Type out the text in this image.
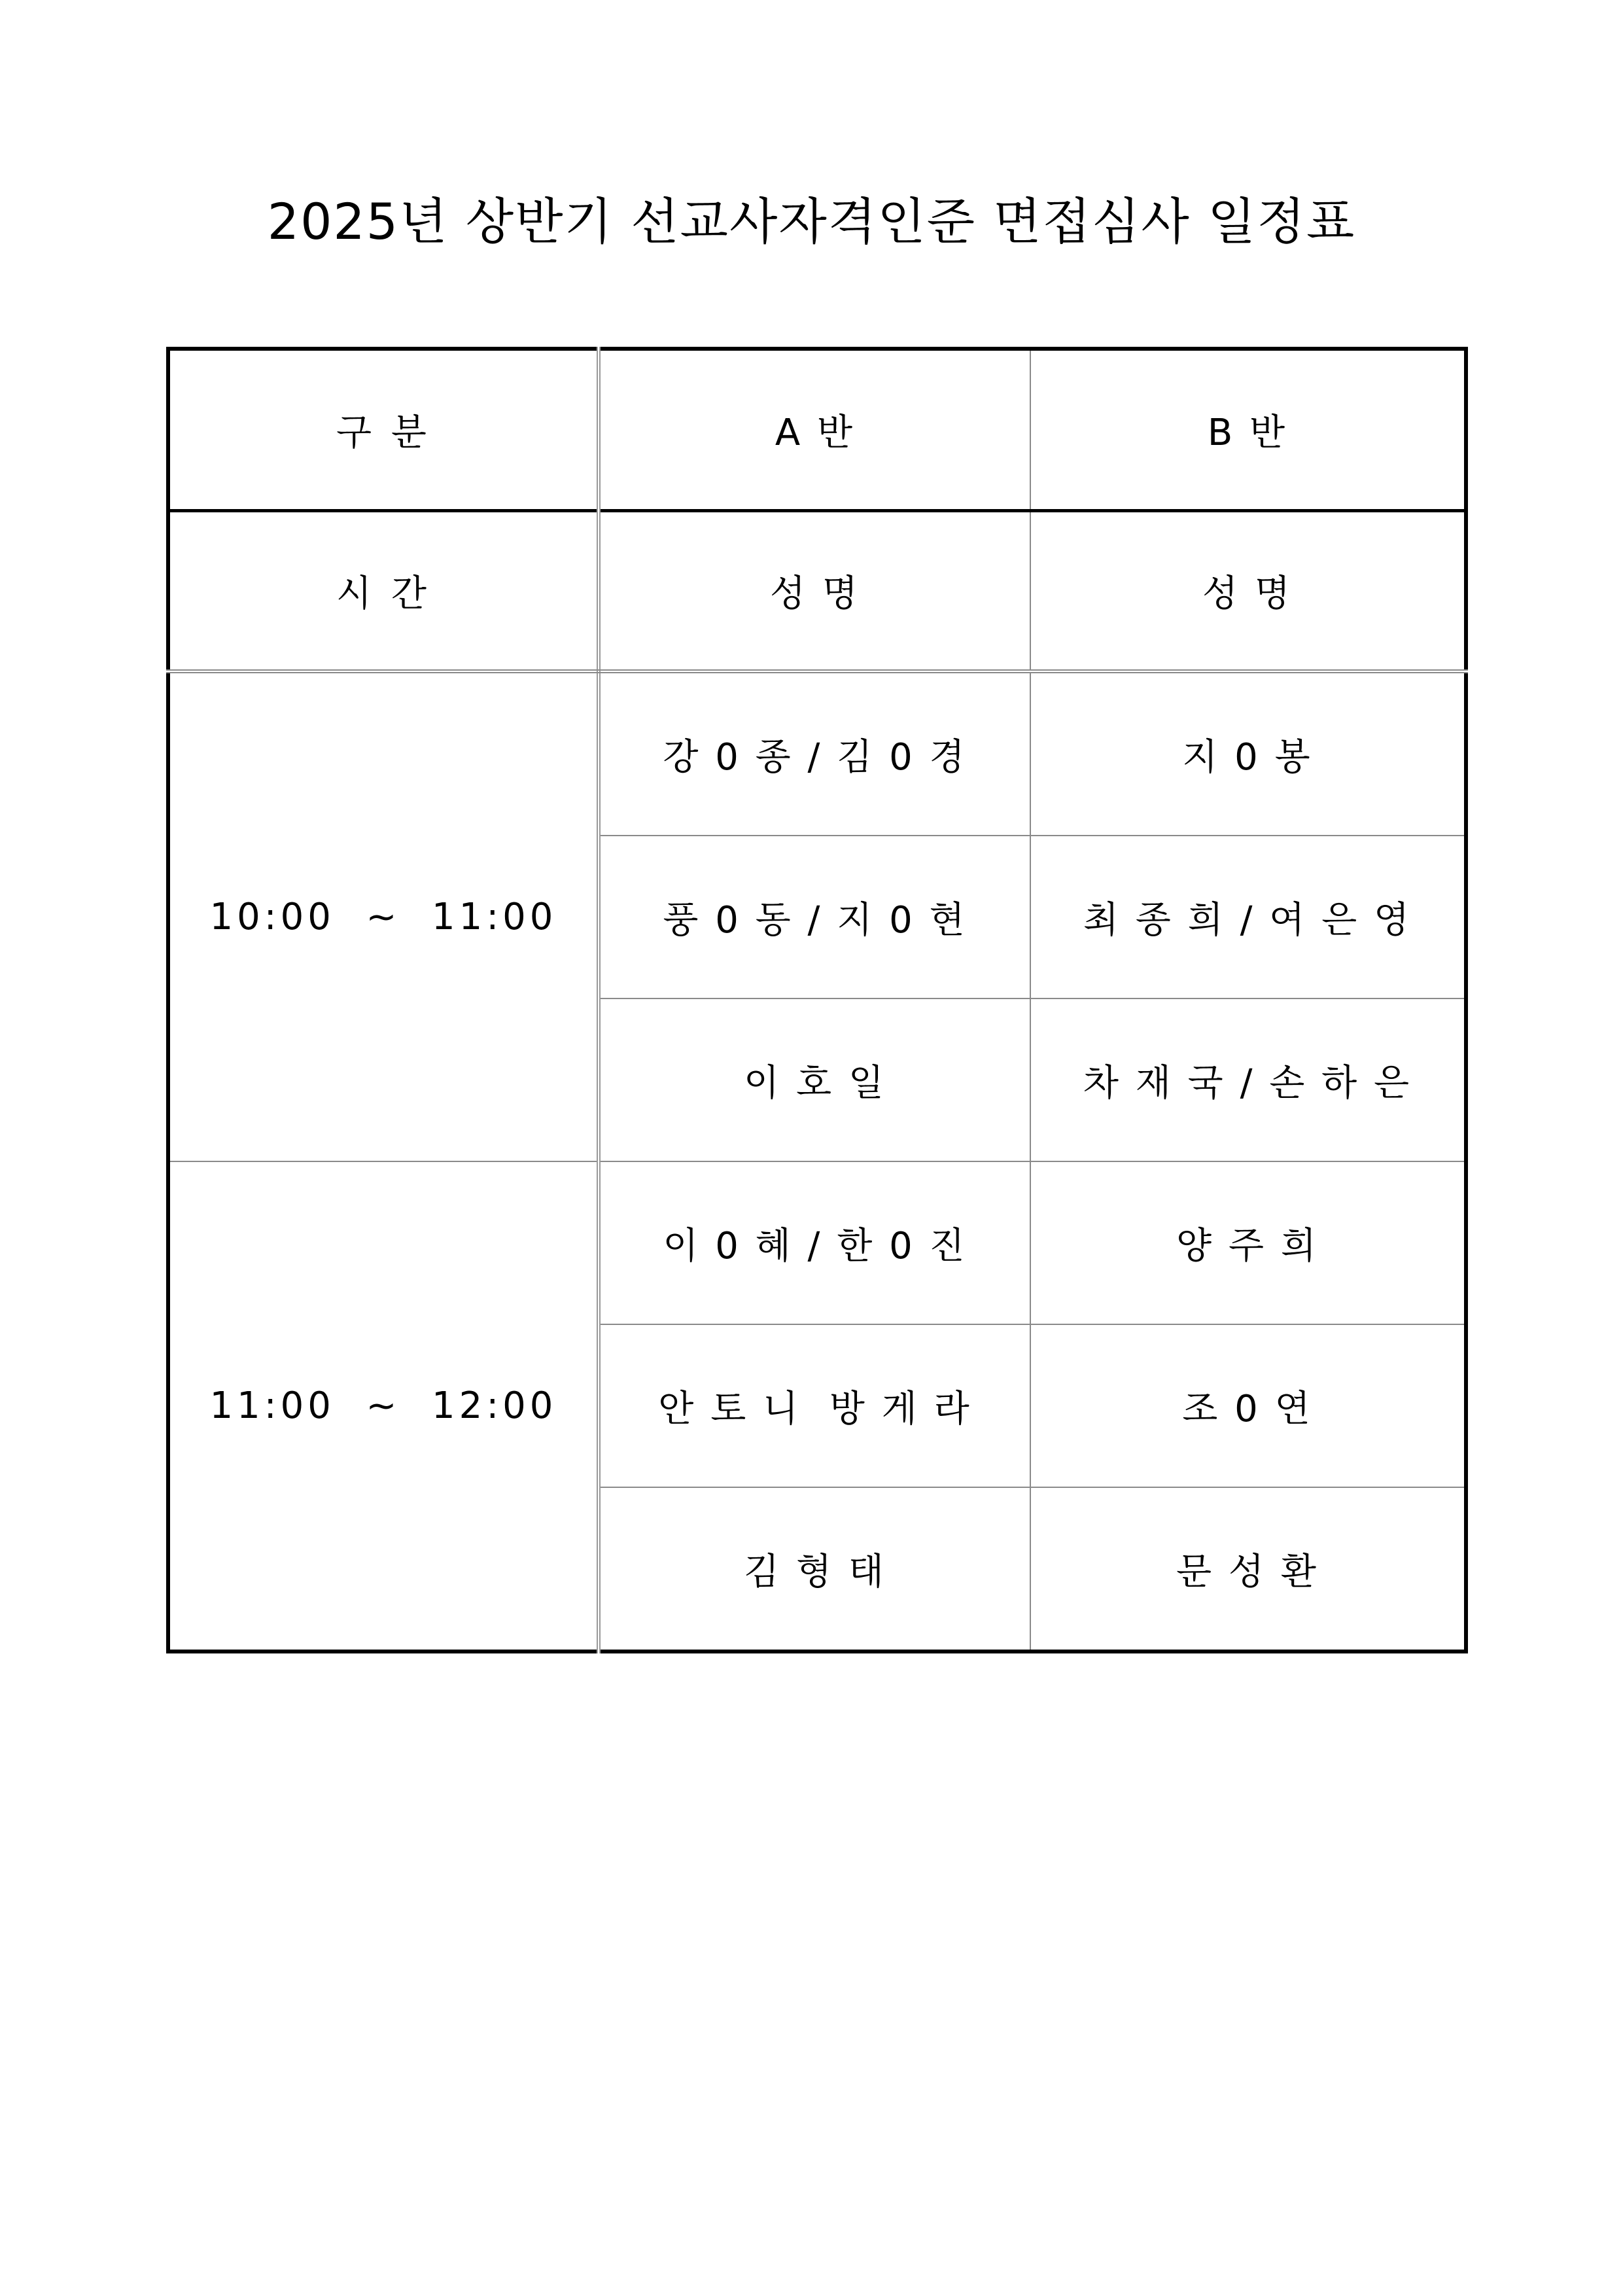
2025년 상반기 선교사자격인준 면접심사 일정표
구 분	A 반	B 반
시 간	성 명	성 명
10:00  ~  11:00	강 0 종 / 김 0 경	지 0 봉
	풍 0 동 / 지 0 현	최 종 희 / 여 은 영
	이 호 일	차 재 국 / 손 하 은
11:00  ~  12:00	이 0 혜 / 한 0 진	양 주 희
	안 토 니  방 게 라	조 0 연
	김 형 태	문 성 환
